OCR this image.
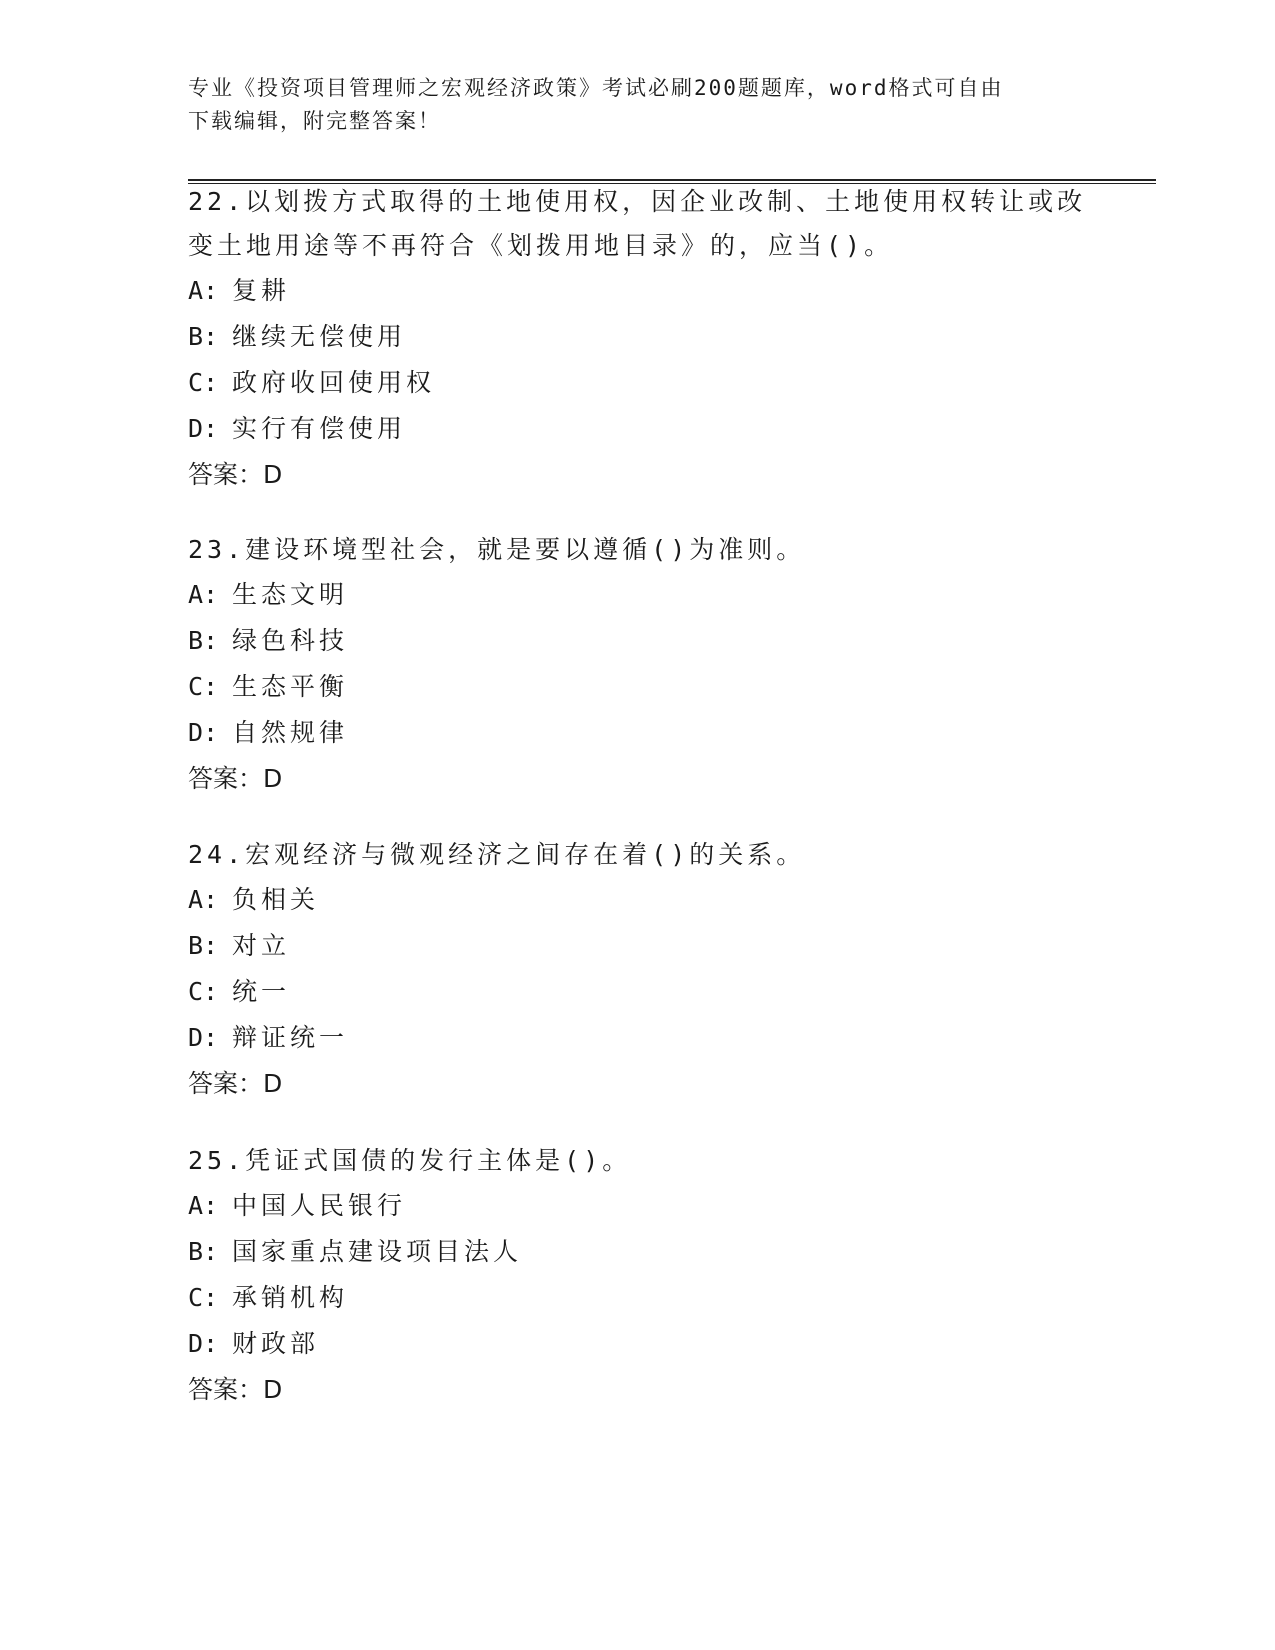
专业《投资项目管理师之宏观经济政策》考试必刷200题题库，word格式可自由
下载编辑，附完整答案！

22.以划拨方式取得的土地使用权，因企业改制、土地使用权转让或改

变土地用途等不再符合《划拨用地目录》的，应当()。

A: 复耕

B: 继续无偿使用

C: 政府收回使用权

D: 实行有偿使用

答案：D

23.建设环境型社会，就是要以遵循()为准则。

A: 生态文明

B: 绿色科技

C: 生态平衡

D: 自然规律

答案：D

24.宏观经济与微观经济之间存在着()的关系。

A: 负相关

B: 对立

C: 统一

D: 辩证统一

答案：D

25.凭证式国债的发行主体是()。

A: 中国人民银行

B: 国家重点建设项目法人

C: 承销机构

D: 财政部

答案：D
